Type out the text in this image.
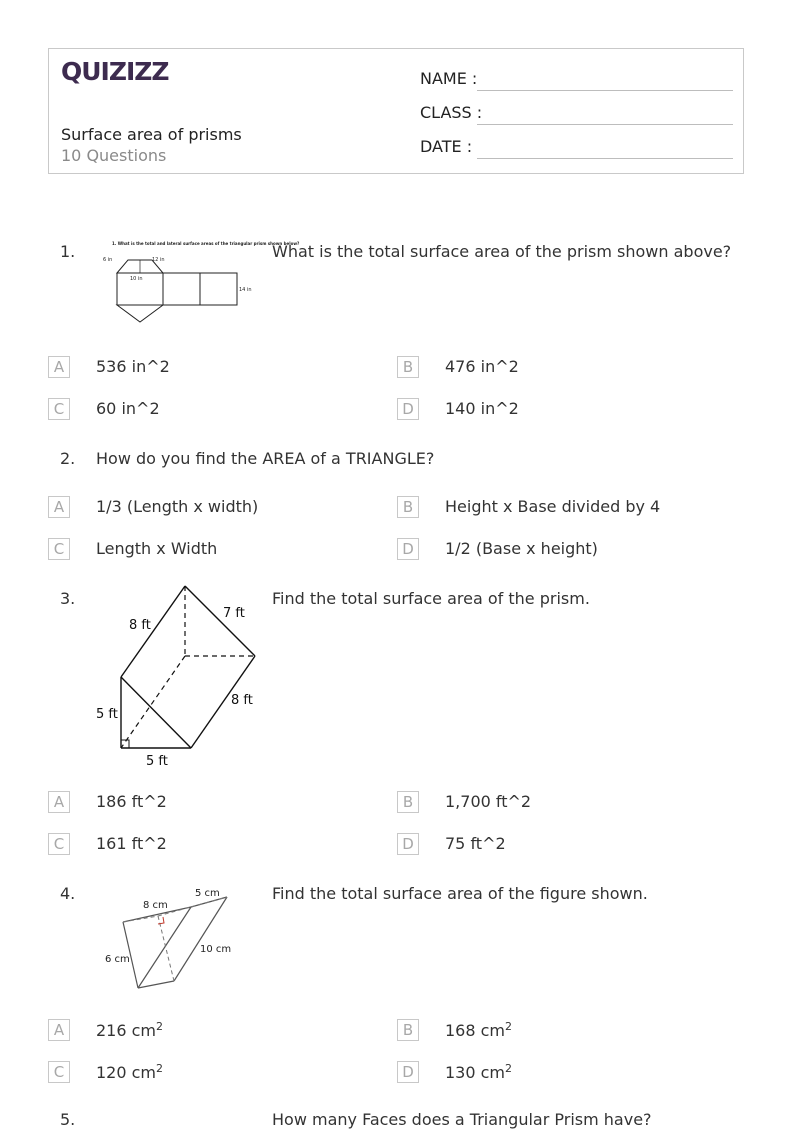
QUIZIZZ
Surface area of prisms
10 Questions
NAME :
CLASS :
DATE :
1.	1. What is the total and lateral surface areas of the triangular prism shown below?
6 in	12 in
10 in
14 in
What is the total surface area of the prism shown above?
A	536 in^2	B	476 in^2
C	60 in^2	D	140 in^2
2. How do you find the AREA of a TRIANGLE?
A	1/3 (Length x width)	B	Height x Base divided by 4
C	Length x Width	D	1/2 (Base x height)
3.
8 ft
7 ft
5 ft
8 ft
5 ft
Find the total surface area of the prism.
A	186 ft^2	B	1,700 ft^2
C	161 ft^2	D	75 ft^2
4.
8 cm
5 cm
6 cm
10 cm
Find the total surface area of the figure shown.
A	216 $cm^2$	B	168 $cm^2$
C	120 $cm^2$	D	130 $cm^2$
5.	How many Faces does a Triangular Prism have?
